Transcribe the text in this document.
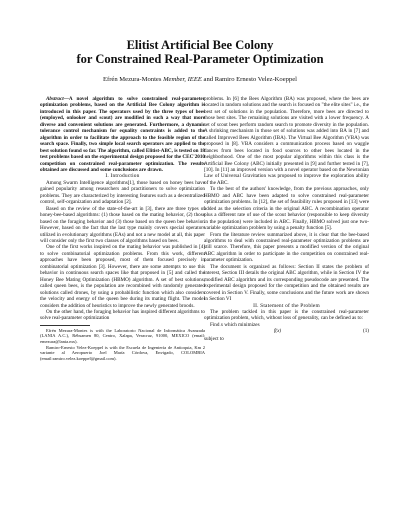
Elitist Artificial Bee Colony
for Constrained Real-Parameter Optimization
Efrén Mezura-Montes Member, IEEE and Ramiro Ernesto Velez-Koeppel

Abstract—A novel algorithm to solve constrained real-parameter optimization problems, based on the Artificial Bee Colony algorithm is introduced in this paper. The operators used by the three types of bees (employed, onlooker and scout) are modified in such a way that more diverse and convenient solutions are generated. Furthermore, a dynamic tolerance control mechanism for equality constraints is added to the algorithm in order to facilitate the approach to the feasible region of the search space. Finally, two simple local search operators are applied to the best solution found so far. The algorithm, called Elitist-ABC, is tested on 18 test problems based on the experimental design proposed for the CEC'2010 competition on constrained real-parameter optimization. The results obtained are discussed and some conclusions are drawn.

I. Introduction

Among Swarm Intelligence algorithms[1], those based on honey bees have gained popularity among researchers and practitioners to solve optimization problems. They are characterized by interesting features such as a decentralized control, self-organization and adaptation [2].

Based on the review of the state-of-the-art in [3], there are three types of honey-bee-based algorithms: (1) those based on the mating behavior, (2) those based on the foraging behavior and (3) those based on the queen bee behavior. However, based on the fact that the last type mainly covers special operators utilized in evolutionary algorithms (EAs) and not a new model at all, this paper will consider only the first two classes of algorithms based on bees.

One of the first works inspired on the mating behavior was published in [4] to solve combinatorial optimization problems. From this work, different approaches have been proposed, most of them focused precisely in combinatorial optimization [3]. However, there are some attempts to use this behavior in continuous search spaces like that proposed in [5] and called the Honey Bee Mating Optimization (HBMO) algorithm. A set of best solutions, called queen bees, is the population are recombined with randomly generated solutions called drones, by using a probabilistic function which also considers the velocity and energy of the queen bee during its mating flight. The model considers the addition of heuristics to improve the newly generated broods.

On the other hand, the foraging behavior has inspired different algorithms to solve real-parameter optimization

Efrén Mezura-Montes is with the Laboratorio Nacional de Informática Avanzada (LANIA A.C.), Rébsamen 80, Centro, Xalapa, Veracruz, 91000, MEXICO (email: emezura@lania.mx).

Ramiro-Ernesto Velez-Koeppel is with the Escuela de Ingeniería de Antioquia, Km 2 variante al Aeropuerto Joel María Córdova, Envigado, COLOMBIA (email:ramiro.velez.koeppel@gmail.com).

problems. In [6] the Bees Algorithm (BA) was proposed, where the bees are located in random solutions and the search is focused on "the elite sites" i.e., the best set of solutions in the population. Therefore, more bees are directed to those best sites. The remaining solutions are visited with a lower frequency. A set of scout bees perform random search to promote diversity in the population. A shrinking mechanism in those set of solutions was added into BA in [7] and called Improved Bees Algorithm (IBA). The Virtual Bee Algorithm (VBA) was proposed in [8]. VBA considers a communication process based on waggle dances from bees located in food sources to other bees located in the neighborhood. One of the most popular algorithms within this class is the Artificial Bee Colony (ABC) initially presented in [9] and further tested in [7], [10]. In [11] an improved version with a novel operator based on the Newtonian Law of Universal Gravitation was proposed to improve the exploration ability of the ABC.

To the best of the authors' knowledge, from the previous approaches, only HBMO and ABC have been adapted to solve constrained real-parameter optimization problems. In [12], the set of feasibility rules proposed in [13] were added as the selection criteria in the original ABC. A recombination operator plus a different rate of use of the scout behavior (responsible to keep diversity in the population) were included in ABC. Finally, HBMO solved just one two-variable optimization problem by using a penalty function [5].

From the literature review summarized above, it is clear that the bee-based algorithms to deal with constrained real-parameter optimization problems are still scarce. Therefore, this paper presents a modified version of the original ABC algorithm in order to participate in the competition on constrained real-parameter optimization.

The document is organized as follows: Section II states the problem of interest, Section III details the original ABC algorithm, while in Section IV the modified ABC algorithm and its corresponding pseudocode are presented. The experimental design proposed for the competition and the obtained results are covered in Section V. Finally, some conclusions and the future work are shown in Section VI

II. Statement of the Problem

The problem tackled in this paper is the constrained real-parameter optimization problem, which, without loss of generality, can be defined as to:

Find x which minimizes

f(x)	(1)

subject to
